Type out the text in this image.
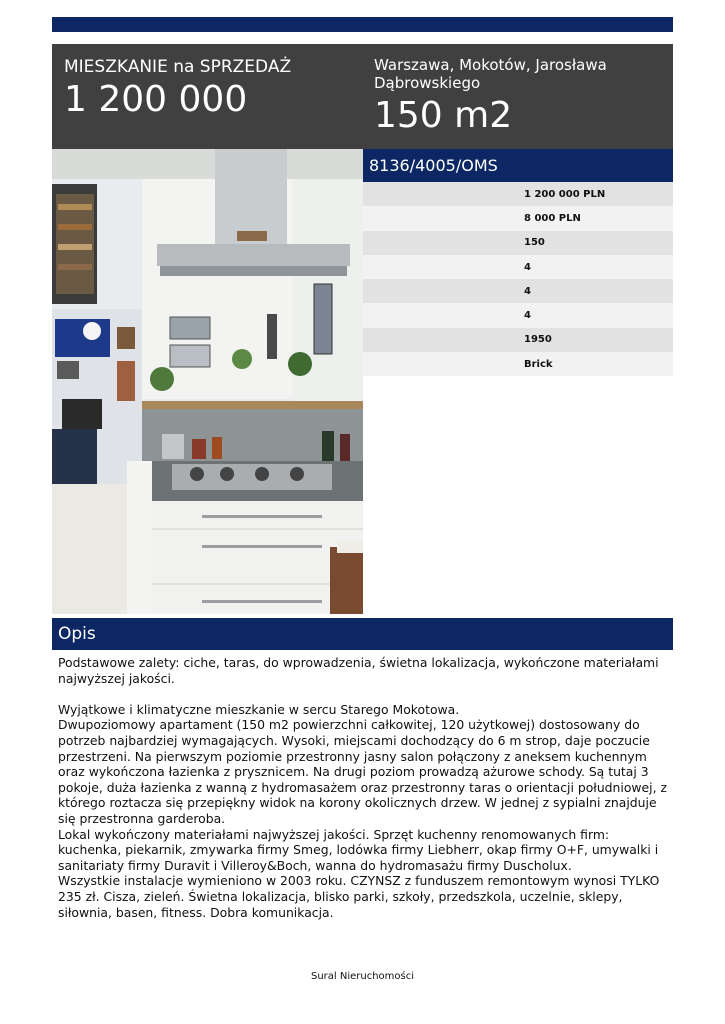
MIESZKANIE na SPRZEDAŻ
1 200 000
Warszawa, Mokotów, Jarosława Dąbrowskiego
150 m2
8136/4005/OMS
1 200 000 PLN
8 000 PLN
150
4
4
4
1950
Brick
Opis

Podstawowe zalety: ciche, taras, do wprowadzenia, świetna lokalizacja, wykończone materiałami najwyższej jakości.

Wyjątkowe i klimatyczne mieszkanie w sercu Starego Mokotowa.

Dwupoziomowy apartament (150 m2 powierzchni całkowitej, 120 użytkowej) dostosowany do potrzeb najbardziej wymagających. Wysoki, miejscami dochodzący do 6 m strop, daje poczucie przestrzeni. Na pierwszym poziomie przestronny jasny salon połączony z aneksem kuchennym oraz wykończona łazienka z prysznicem. Na drugi poziom prowadzą ażurowe schody. Są tutaj 3 pokoje, duża łazienka z wanną z hydromasażem oraz przestronny taras o orientacji południowej, z którego roztacza się przepiękny widok na korony okolicznych drzew. W jednej z sypialni znajduje się przestronna garderoba.

Lokal wykończony materiałami najwyższej jakości. Sprzęt kuchenny renomowanych firm: kuchenka, piekarnik, zmywarka firmy Smeg, lodówka firmy Liebherr, okap firmy O+F, umywalki i sanitariaty firmy Duravit i Villeroy&Boch, wanna do hydromasażu firmy Duscholux.

Wszystkie instalacje wymieniono w 2003 roku. CZYNSZ z funduszem remontowym wynosi TYLKO 235 zł. Cisza, zieleń. Świetna lokalizacja, blisko parki, szkoły, przedszkola, uczelnie, sklepy, siłownia, basen, fitness. Dobra komunikacja.

Sural Nieruchomości
